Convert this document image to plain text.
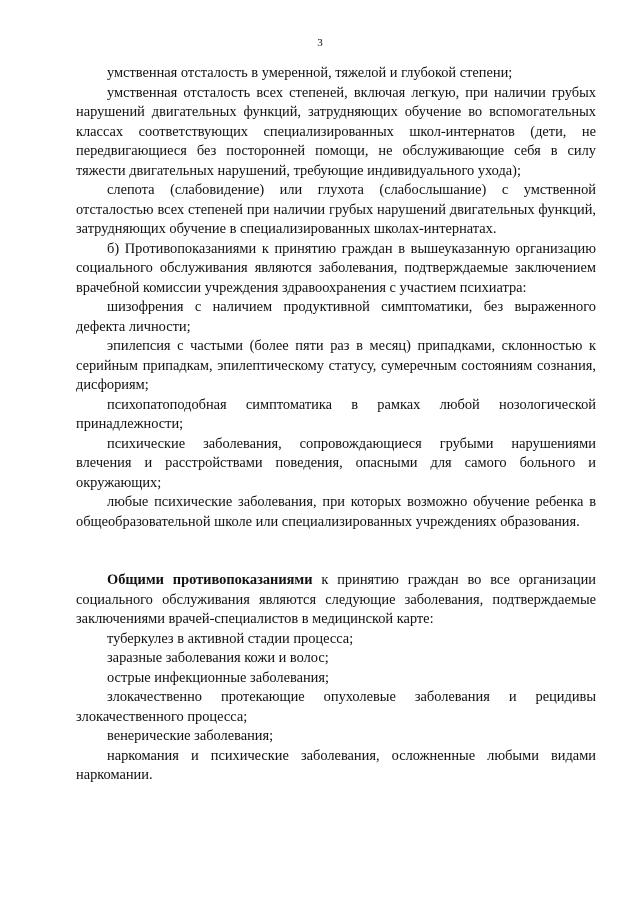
3

умственная отсталость в умеренной, тяжелой и глубокой степени;

умственная отсталость всех степеней, включая легкую, при наличии грубых нарушений двигательных функций, затрудняющих обучение во вспомогательных классах соответствующих специализированных школ-интернатов (дети, не передвигающиеся без посторонней помощи, не обслуживающие себя в силу тяжести двигательных нарушений, требующие индивидуального ухода);

слепота (слабовидение) или глухота (слабослышание) с умственной отсталостью всех степеней при наличии грубых нарушений двигательных функций, затрудняющих обучение в специализированных школах-интернатах.

б) Противопоказаниями к принятию граждан в вышеуказанную организацию социального обслуживания являются заболевания, подтверждаемые заключением врачебной комиссии учреждения здравоохранения с участием психиатра:

шизофрения с наличием продуктивной симптоматики, без выраженного дефекта личности;

эпилепсия с частыми (более пяти раз в месяц) припадками, склонностью к серийным припадкам, эпилептическому статусу, сумеречным состояниям сознания, дисфориям;

психопатоподобная симптоматика в рамках любой нозологической принадлежности;

психические заболевания, сопровождающиеся грубыми нарушениями влечения и расстройствами поведения, опасными для самого больного и окружающих;

любые психические заболевания, при которых возможно обучение ребенка в общеобразовательной школе или специализированных учреждениях образования.

Общими противопоказаниями к принятию граждан во все организации социального обслуживания являются следующие заболевания, подтверждаемые заключениями врачей-специалистов в медицинской карте:

туберкулез в активной стадии процесса;

заразные заболевания кожи и волос;

острые инфекционные заболевания;

злокачественно протекающие опухолевые заболевания и рецидивы злокачественного процесса;

венерические заболевания;

наркомания и психические заболевания, осложненные любыми видами наркомании.
